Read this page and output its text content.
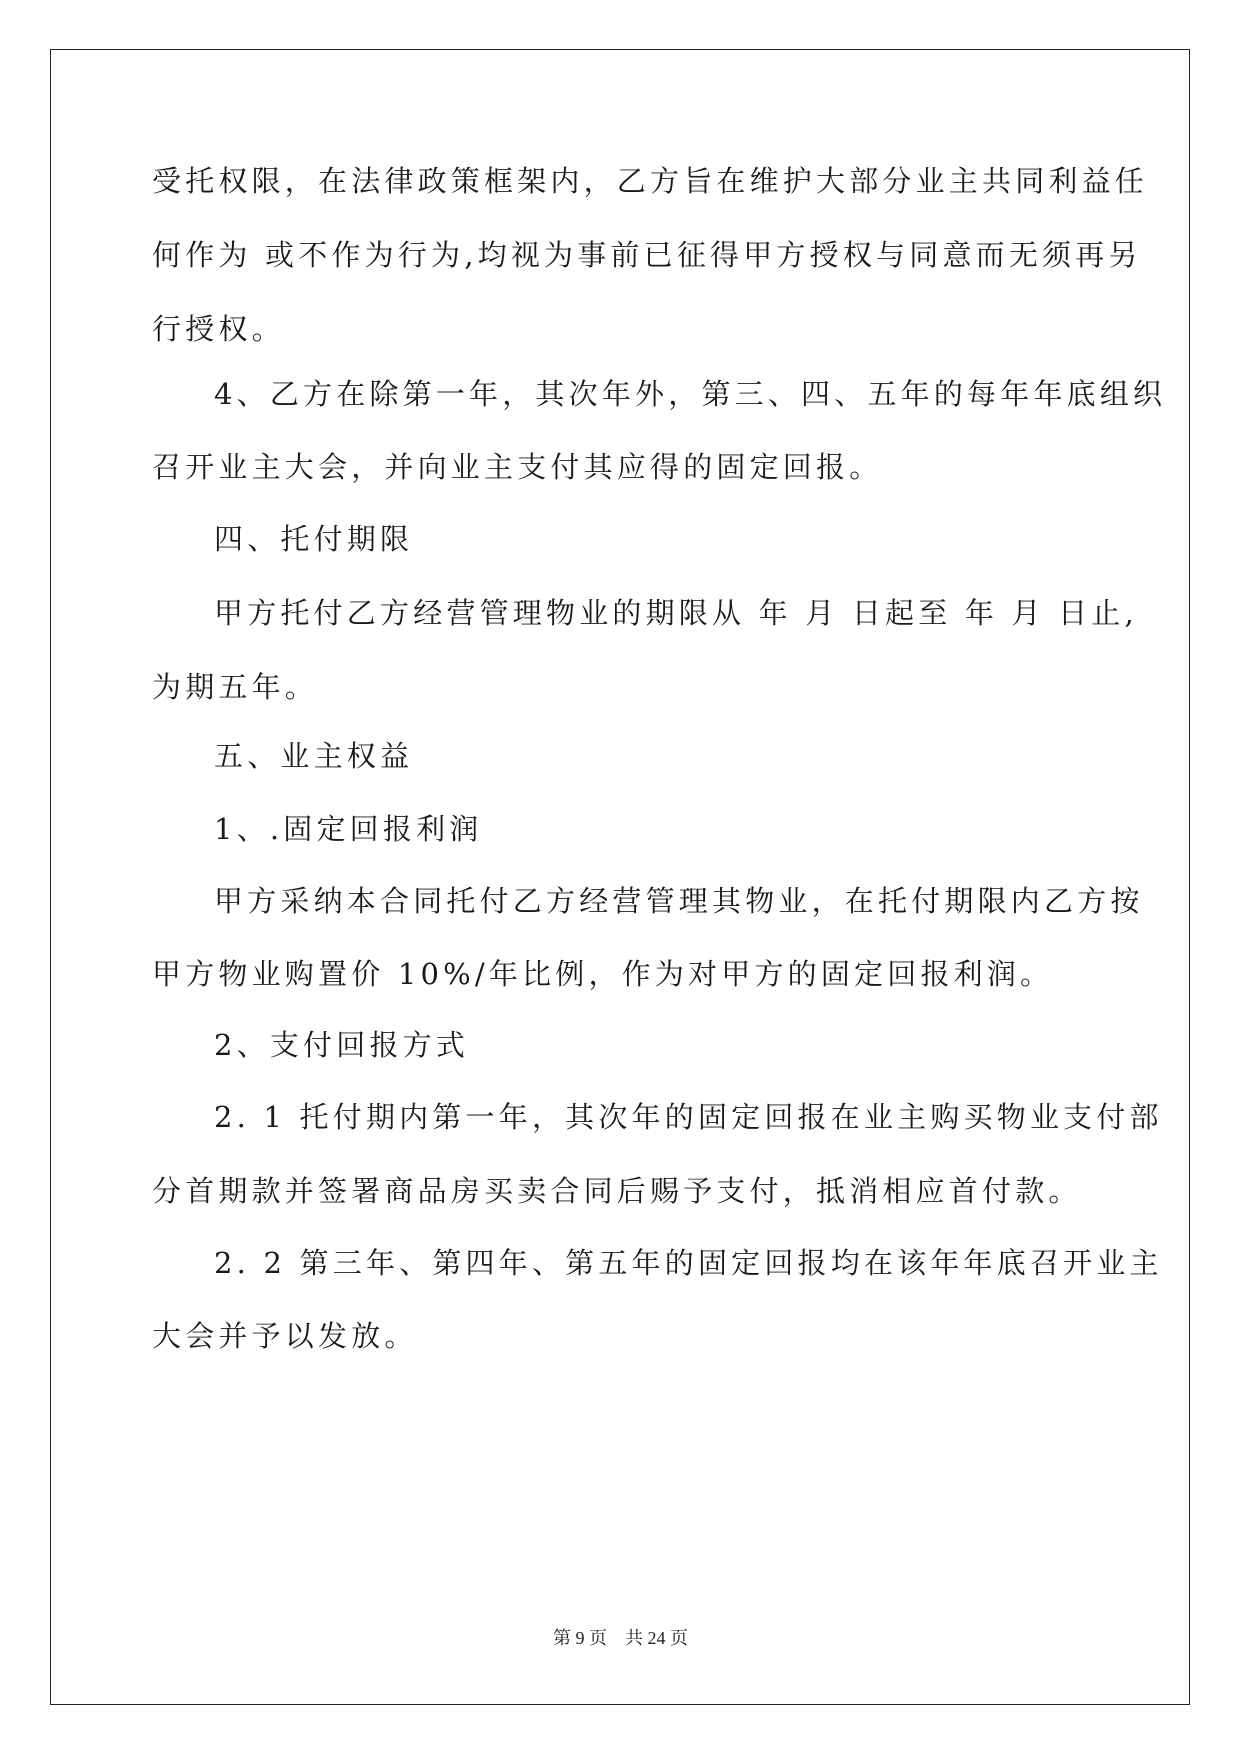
受托权限，在法律政策框架内，乙方旨在维护大部分业主共同利益任
何作为 或不作为行为,均视为事前已征得甲方授权与同意而无须再另
行授权。
4、乙方在除第一年，其次年外，第三、四、五年的每年年底组织
召开业主大会，并向业主支付其应得的固定回报。
四、托付期限
甲方托付乙方经营管理物业的期限从 年 月 日起至 年 月 日止,
为期五年。
五、业主权益
1、.固定回报利润
甲方采纳本合同托付乙方经营管理其物业，在托付期限内乙方按
甲方物业购置价 10%/年比例，作为对甲方的固定回报利润。
2、支付回报方式
2. 1 托付期内第一年，其次年的固定回报在业主购买物业支付部
分首期款并签署商品房买卖合同后赐予支付，抵消相应首付款。
2. 2 第三年、第四年、第五年的固定回报均在该年年底召开业主
大会并予以发放。
第 9 页    共 24 页
